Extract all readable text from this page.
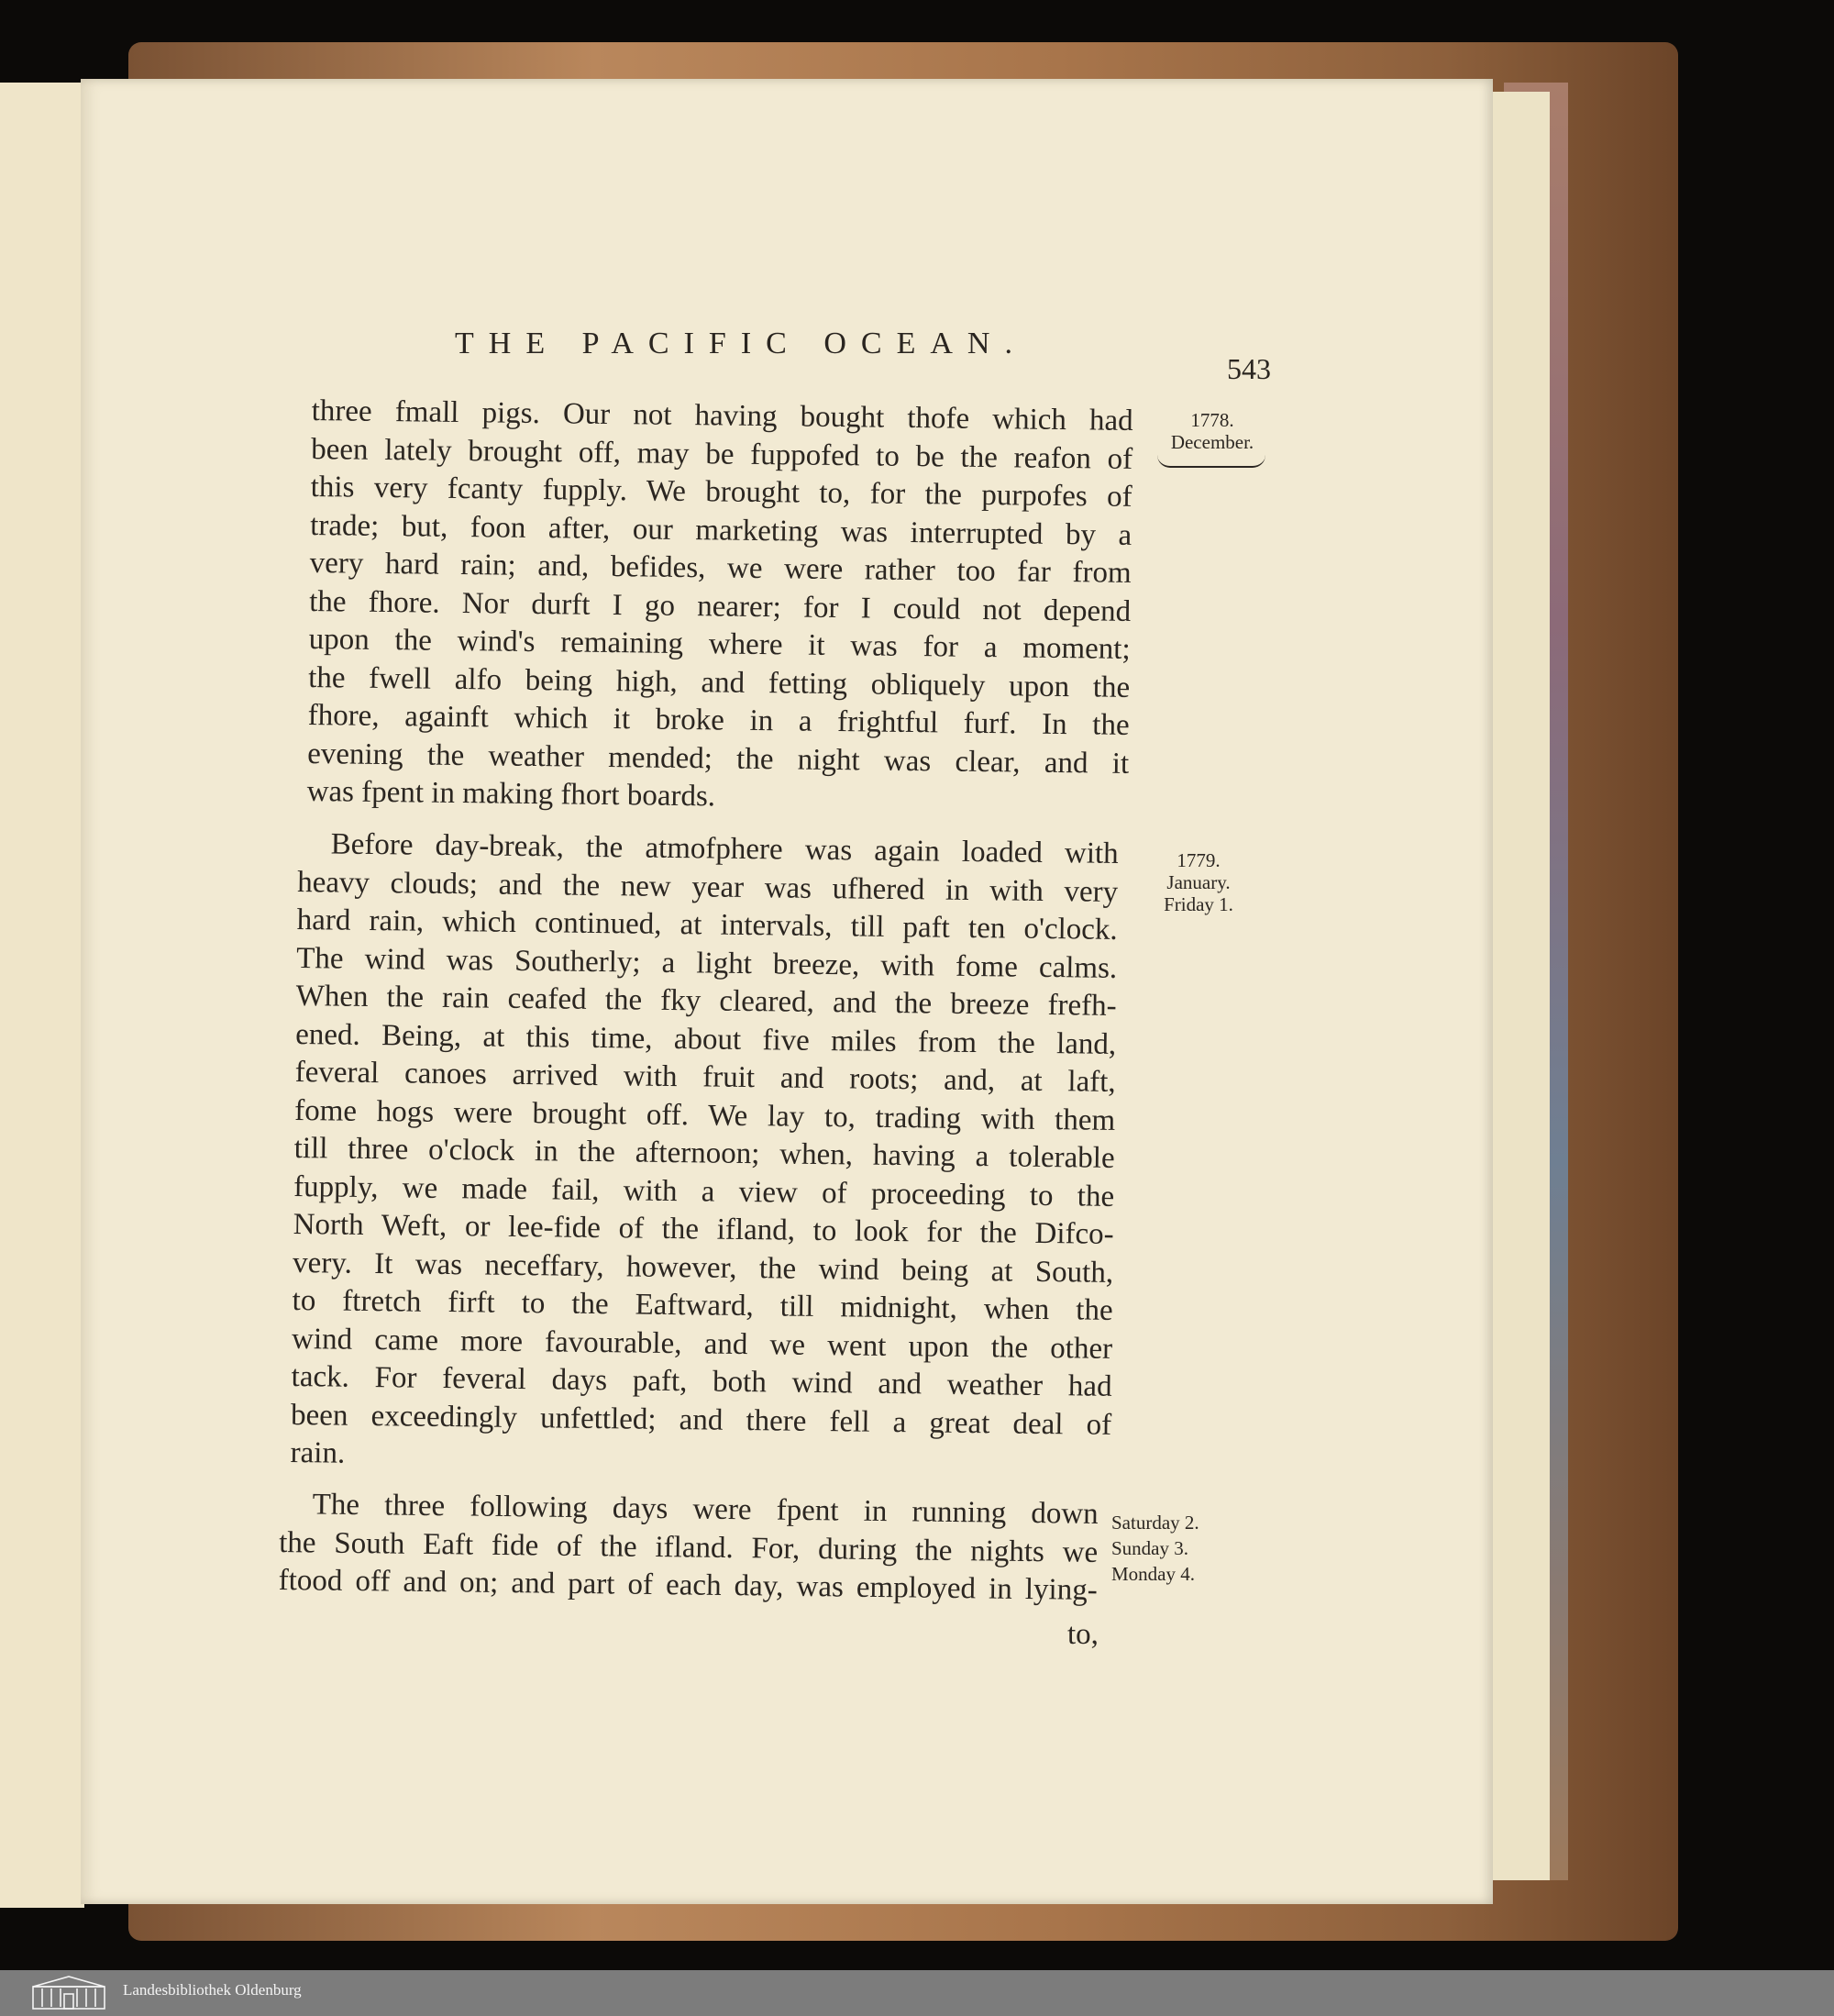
THE PACIFIC OCEAN.
543
three fmall pigs. Our not having bought thofe which had
been lately brought off, may be fuppofed to be the reafon of
this very fcanty fupply. We brought to, for the purpofes of
trade; but, foon after, our marketing was interrupted by a
very hard rain; and, befides, we were rather too far from
the fhore. Nor durft I go nearer; for I could not depend
upon the wind's remaining where it was for a moment;
the fwell alfo being high, and fetting obliquely upon the
fhore, againft which it broke in a frightful furf. In the
evening the weather mended; the night was clear, and it
was fpent in making fhort boards.
Before day-break, the atmofphere was again loaded with
heavy clouds; and the new year was ufhered in with very
hard rain, which continued, at intervals, till paft ten o'clock.
The wind was Southerly; a light breeze, with fome calms.
When the rain ceafed the fky cleared, and the breeze frefh-
ened. Being, at this time, about five miles from the land,
feveral canoes arrived with fruit and roots; and, at laft,
fome hogs were brought off. We lay to, trading with them
till three o'clock in the afternoon; when, having a tolerable
fupply, we made fail, with a view of proceeding to the
North Weft, or lee-fide of the ifland, to look for the Difco-
very. It was neceffary, however, the wind being at South,
to ftretch firft to the Eaftward, till midnight, when the
wind came more favourable, and we went upon the other
tack. For feveral days paft, both wind and weather had
been exceedingly unfettled; and there fell a great deal of
rain.
The three following days were fpent in running down
the South Eaft fide of the ifland. For, during the nights we
ftood off and on; and part of each day, was employed in lying-
to,
1778.
December.
1779.
January.
Friday 1.
Saturday 2.
Sunday 3.
Monday 4.
Landesbibliothek Oldenburg
